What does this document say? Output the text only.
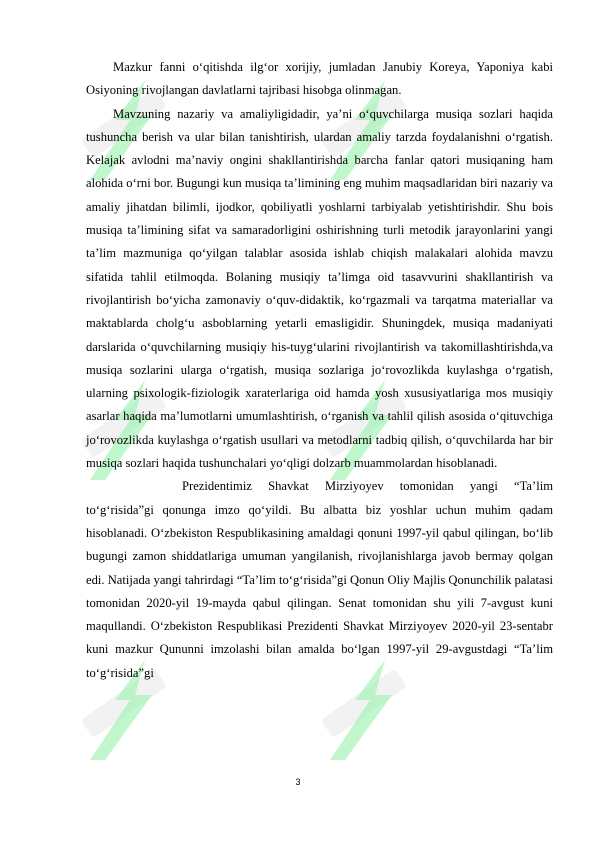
Mazkur fanni oʻqitishda ilgʻor xorijiy, jumladan Janubiy Koreya, Yaponiya kabi Osiyoning rivojlangan davlatlarni tajribasi hisobga olinmagan.

Mavzuning nazariy va amaliyligidadir, yaʼni oʻquvchilarga musiqa sozlari haqida tushuncha berish va ular bilan tanishtirish, ulardan amaliy tarzda foydalanishni oʻrgatish. Kelajak avlodni maʼnaviy ongini shakllantirishda barcha fanlar qatori musiqaning ham alohida oʻrni bor. Bugungi kun musiqa taʼlimining eng muhim maqsadlaridan biri nazariy va amaliy jihatdan bilimli, ijodkor, qobiliyatli yoshlarni tarbiyalab yetishtirishdir. Shu bois musiqa taʼlimining sifat va samaradorligini oshirishning turli metodik jarayonlarini yangi taʼlim mazmuniga qoʻyilgan talablar asosida ishlab chiqish malakalari alohida mavzu sifatida tahlil etilmoqda. Bolaning musiqiy taʼlimga oid tasavvurini shakllantirish va rivojlantirish boʻyicha zamonaviy oʻquv-didaktik, koʻrgazmali va tarqatma materiallar va maktablarda cholgʻu asboblarning yetarli emasligidir. Shuningdek, musiqa madaniyati darslarida oʻquvchilarning musiqiy his-tuygʻularini rivojlantirish va takomillashtirishda,va musiqa sozlarini ularga oʻrgatish, musiqa sozlariga joʻrovozlikda kuylashga oʻrgatish, ularning psixologik-fiziologik xaraterlariga oid hamda yosh xususiyatlariga mos musiqiy asarlar haqida maʼlumotlarni umumlashtirish, oʻrganish va tahlil qilish asosida oʻqituvchiga joʻrovozlikda kuylashga oʻrgatish usullari va metodlarni tadbiq qilish, oʻquvchilarda har bir musiqa sozlari haqida tushunchalari yoʻqligi dolzarb muammolardan hisoblanadi.

Prezidentimiz Shavkat Mirziyoyev tomonidan yangi “Taʼlim toʻgʻrisida”gi qonunga imzo qoʻyildi. Bu albatta biz yoshlar uchun muhim qadam hisoblanadi. Oʻzbekiston Respublikasining amaldagi qonuni 1997-yil qabul qilingan, boʻlib bugungi zamon shiddatlariga umuman yangilanish, rivojlanishlarga javob bermay qolgan edi. Natijada yangi tahrirdagi “Taʼlim toʻgʻrisida”gi Qonun Oliy Majlis Qonunchilik palatasi tomonidan 2020-yil 19-mayda qabul qilingan. Senat tomonidan shu yili 7-avgust kuni maqullandi. Oʻzbekiston Respublikasi Prezidenti Shavkat Mirziyoyev 2020-yil 23-sentabr kuni mazkur Qununni imzolashi bilan amalda boʻlgan 1997-yil 29-avgustdagi “Taʼlim toʻgʻrisida”gi

3
